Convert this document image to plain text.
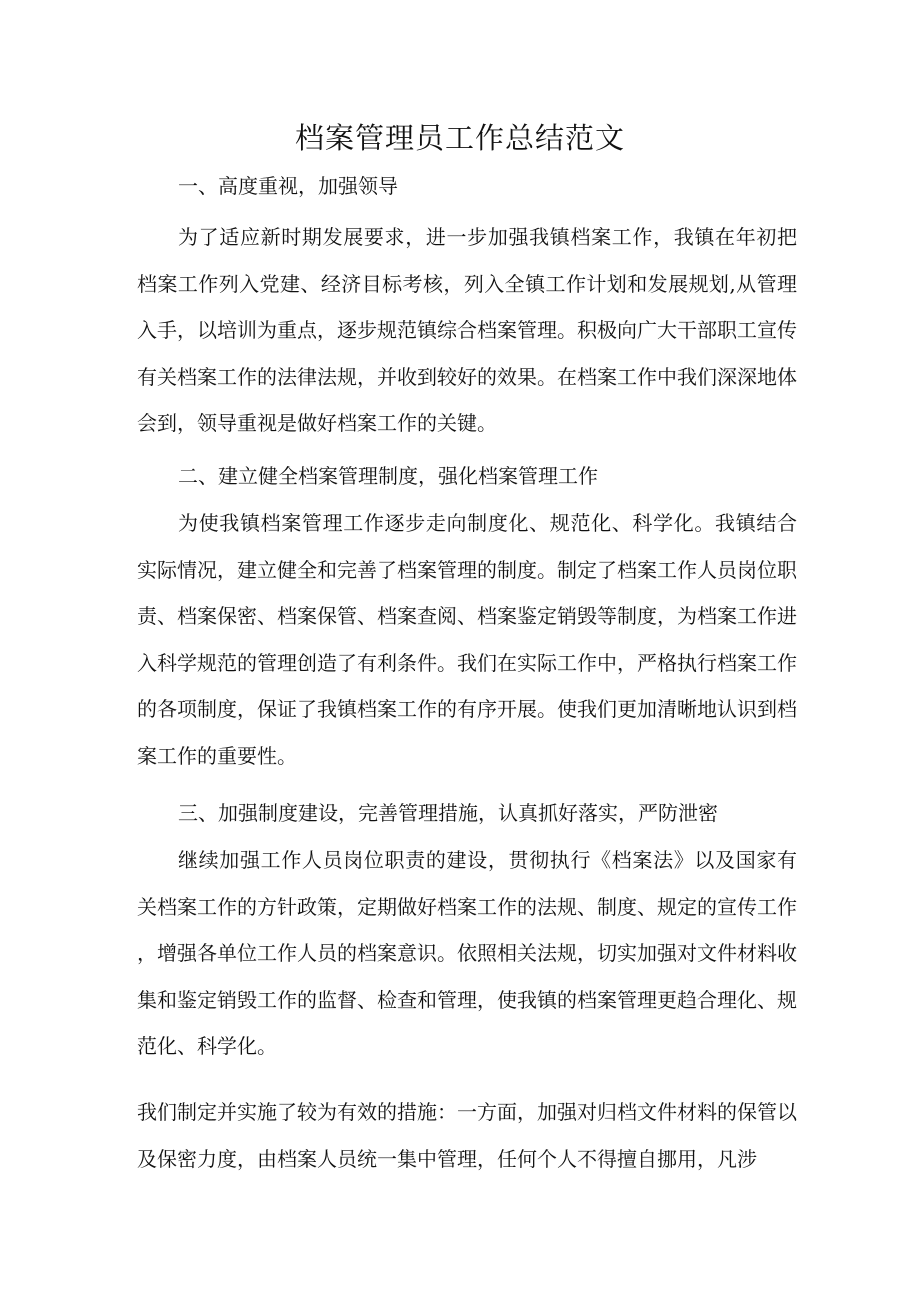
档案管理员工作总结范文

一、高度重视，加强领导

为了适应新时期发展要求，进一步加强我镇档案工作，我镇在年初把档案工作列入党建、经济目标考核，列入全镇工作计划和发展规划,从管理入手，以培训为重点，逐步规范镇综合档案管理。积极向广大干部职工宣传有关档案工作的法律法规，并收到较好的效果。在档案工作中我们深深地体会到，领导重视是做好档案工作的关键。

二、建立健全档案管理制度，强化档案管理工作

为使我镇档案管理工作逐步走向制度化、规范化、科学化。我镇结合实际情况，建立健全和完善了档案管理的制度。制定了档案工作人员岗位职责、档案保密、档案保管、档案查阅、档案鉴定销毁等制度，为档案工作进入科学规范的管理创造了有利条件。我们在实际工作中，严格执行档案工作的各项制度，保证了我镇档案工作的有序开展。使我们更加清晰地认识到档案工作的重要性。

三、加强制度建设，完善管理措施，认真抓好落实，严防泄密

继续加强工作人员岗位职责的建设，贯彻执行《档案法》以及国家有关档案工作的方针政策，定期做好档案工作的法规、制度、规定的宣传工作，增强各单位工作人员的档案意识。依照相关法规，切实加强对文件材料收集和鉴定销毁工作的监督、检查和管理，使我镇的档案管理更趋合理化、规范化、科学化。

我们制定并实施了较为有效的措施：一方面，加强对归档文件材料的保管以及保密力度，由档案人员统一集中管理，任何个人不得擅自挪用，凡涉
